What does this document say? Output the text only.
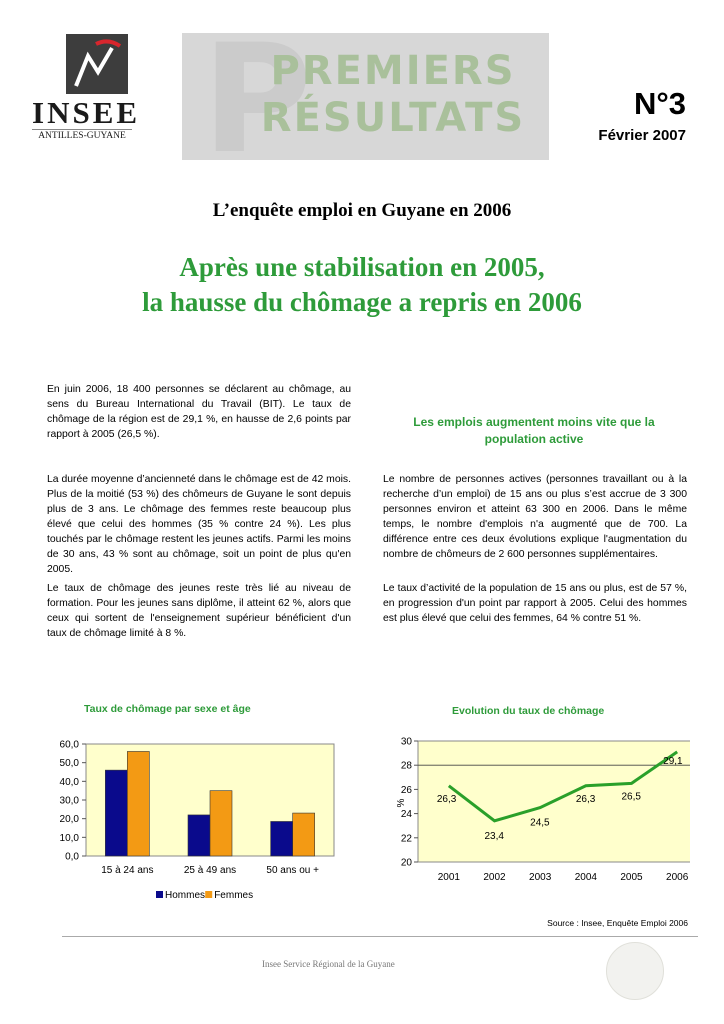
INSEE
ANTILLES-GUYANE P
PREMIERS
RÉSULTATS	N°3
Février 2007
L’enquête emploi en Guyane en 2006
Après une stabilisation en 2005,
la hausse du chômage a repris en 2006
En juin 2006, 18 400 personnes se déclarent au chômage, au sens du Bureau International du Travail (BIT). Le taux de chômage de la région est de 29,1 %, en hausse de 2,6 points par rapport à 2005 (26,5 %).
La durée moyenne d’ancienneté dans le chômage est de 42 mois. Plus de la moitié (53 %) des chômeurs de Guyane le sont depuis plus de 3 ans. Le chômage des femmes reste beaucoup plus élevé que celui des hommes (35 % contre 24 %). Les plus touchés par le chômage restent les jeunes actifs. Parmi les moins de 30 ans, 43 % sont au chômage, soit un point de plus qu'en 2005.
Le taux de chômage des jeunes reste très lié au niveau de formation. Pour les jeunes sans diplôme, il atteint 62 %, alors que ceux qui sortent de l'enseignement supérieur bénéficient d'un taux de chômage limité à 8 %.
Les emplois augmentent moins vite que la population active
Le nombre de personnes actives (personnes travaillant ou à la recherche d’un emploi) de 15 ans ou plus s’est accrue de 3 300 personnes environ et atteint 63 300 en 2006. Dans le même temps, le nombre d'emplois n'a augmenté que de 700. La différence entre ces deux évolutions explique l'augmentation du nombre de chômeurs de 2 600 personnes supplémentaires.
Le taux d’activité de la population de 15 ans ou plus, est de 57 %, en progression d'un point par rapport à 2005. Celui des hommes est plus élevé que celui des femmes, 64 % contre 51 %.
Taux de chômage par sexe et âge
0,0
10,0
20,0
30,0
40,0
50,0
60,0
15 à 24 ans	25 à 49 ans	50 ans ou +
Hommes Femmes
Evolution du taux de chômage
20
22
24
26
28
30
%	26,3
2001
23,4
2002
24,5
2003
26,3
2004
26,5
2005
29,1
2006
Source : Insee, Enquête Emploi 2006
Insee Service Régional de la Guyane
